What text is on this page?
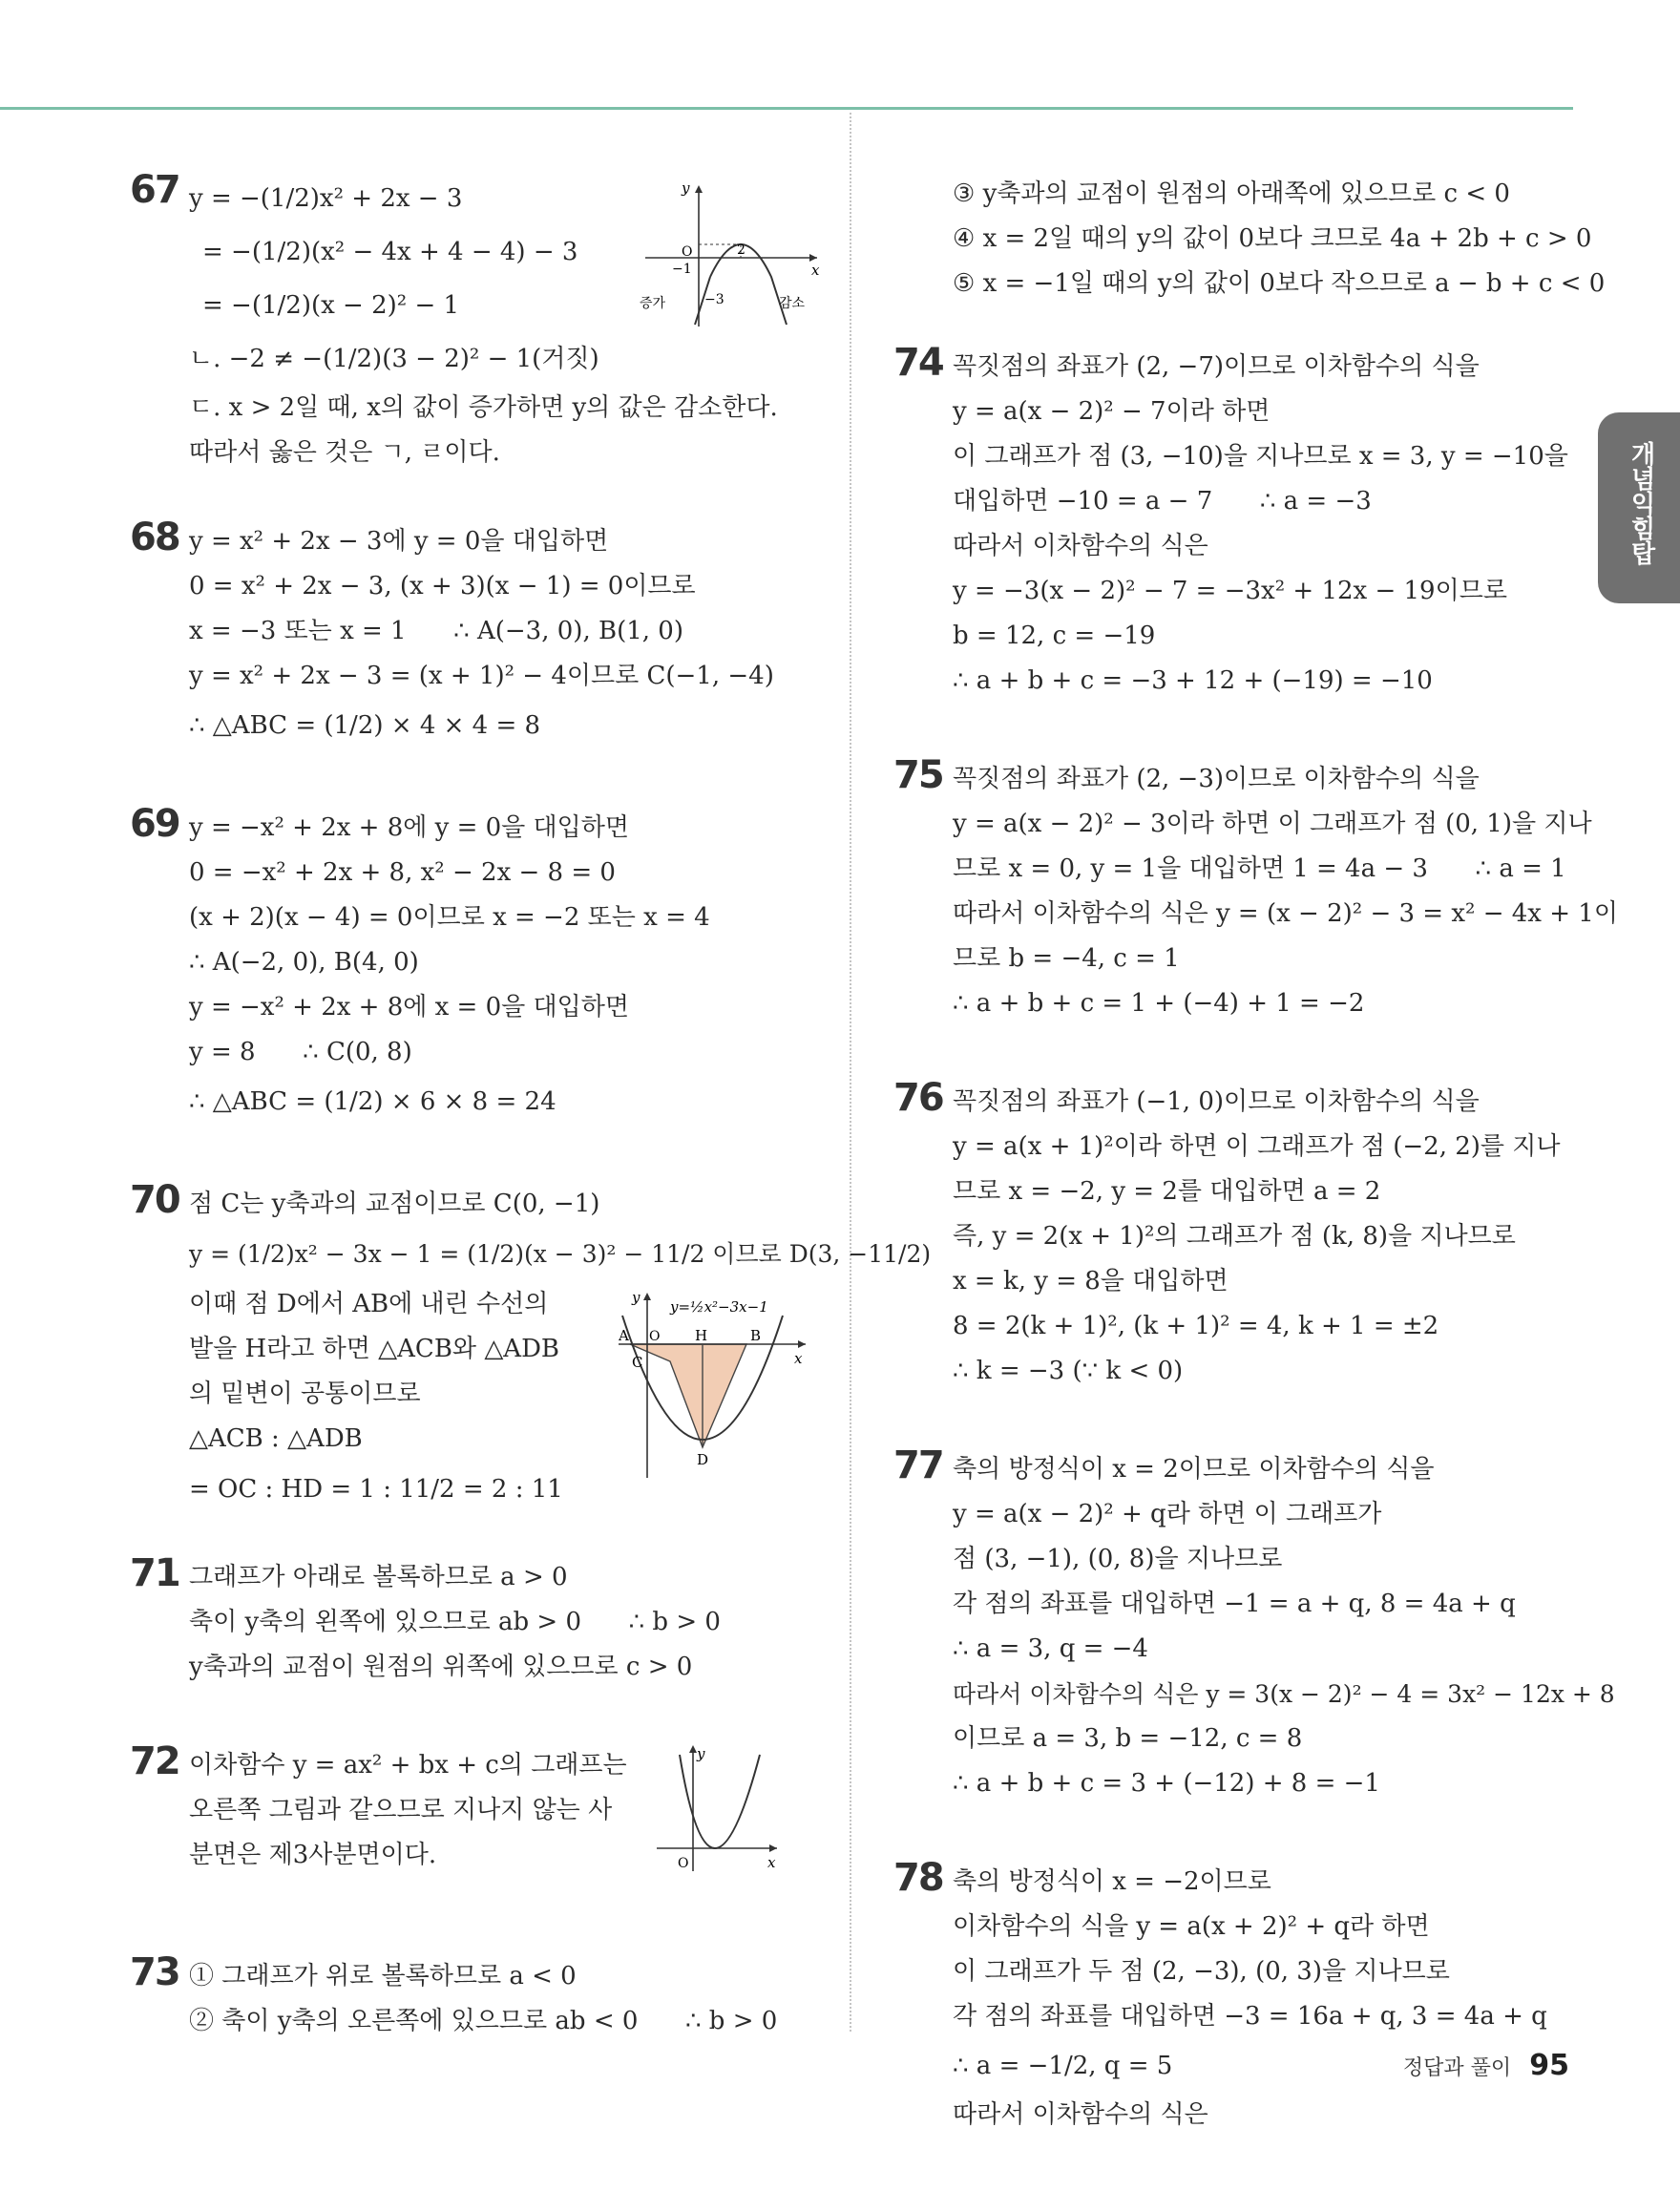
67 y = −(1/2)x² + 2x − 3
= −(1/2)(x² − 4x + 4 − 4) − 3
= −(1/2)(x − 2)² − 1
ㄴ. −2 ≠ −(1/2)(3 − 2)² − 1(거짓)
ㄷ. x > 2일 때, x의 값이 증가하면 y의 값은 감소한다.
따라서 옳은 것은 ㄱ, ㄹ이다.
y
x
O	2
−1
−3
증가	감소
68 y = x² + 2x − 3에 y = 0을 대입하면
0 = x² + 2x − 3, (x + 3)(x − 1) = 0이므로
x = −3 또는 x = 1      ∴ A(−3, 0), B(1, 0)
y = x² + 2x − 3 = (x + 1)² − 4이므로 C(−1, −4)
∴ △ABC = (1/2) × 4 × 4 = 8
69 y = −x² + 2x + 8에 y = 0을 대입하면
0 = −x² + 2x + 8, x² − 2x − 8 = 0
(x + 2)(x − 4) = 0이므로 x = −2 또는 x = 4
∴ A(−2, 0), B(4, 0)
y = −x² + 2x + 8에 x = 0을 대입하면
y = 8      ∴ C(0, 8)
∴ △ABC = (1/2) × 6 × 8 = 24
70 점 C는 y축과의 교점이므로 C(0, −1)
y = (1/2)x² − 3x − 1 = (1/2)(x − 3)² − 11/2 이므로 D(3, −11/2)
이때 점 D에서 AB에 내린 수선의
발을 H라고 하면 △ACB와 △ADB
의 밑변이 공통이므로
△ACB : △ADB
= OC : HD = 1 : 11/2 = 2 : 11
y=½x²−3x−1
y
x
A O H	B
C
D
71 그래프가 아래로 볼록하므로 a > 0
축이 y축의 왼쪽에 있으므로 ab > 0      ∴ b > 0
y축과의 교점이 원점의 위쪽에 있으므로 c > 0
72 이차함수 y = ax² + bx + c의 그래프는
오른쪽 그림과 같으므로 지나지 않는 사
분면은 제3사분면이다.
y
x
O
73 ① 그래프가 위로 볼록하므로 a < 0
② 축이 y축의 오른쪽에 있으므로 ab < 0      ∴ b > 0
③ y축과의 교점이 원점의 아래쪽에 있으므로 c < 0
④ x = 2일 때의 y의 값이 0보다 크므로 4a + 2b + c > 0
⑤ x = −1일 때의 y의 값이 0보다 작으므로 a − b + c < 0
74 꼭짓점의 좌표가 (2, −7)이므로 이차함수의 식을
y = a(x − 2)² − 7이라 하면
이 그래프가 점 (3, −10)을 지나므로 x = 3, y = −10을
대입하면 −10 = a − 7      ∴ a = −3
따라서 이차함수의 식은
y = −3(x − 2)² − 7 = −3x² + 12x − 19이므로
b = 12, c = −19
∴ a + b + c = −3 + 12 + (−19) = −10
75 꼭짓점의 좌표가 (2, −3)이므로 이차함수의 식을
y = a(x − 2)² − 3이라 하면 이 그래프가 점 (0, 1)을 지나
므로 x = 0, y = 1을 대입하면 1 = 4a − 3      ∴ a = 1
따라서 이차함수의 식은 y = (x − 2)² − 3 = x² − 4x + 1이
므로 b = −4, c = 1
∴ a + b + c = 1 + (−4) + 1 = −2
76 꼭짓점의 좌표가 (−1, 0)이므로 이차함수의 식을
y = a(x + 1)²이라 하면 이 그래프가 점 (−2, 2)를 지나
므로 x = −2, y = 2를 대입하면 a = 2
즉, y = 2(x + 1)²의 그래프가 점 (k, 8)을 지나므로
x = k, y = 8을 대입하면
8 = 2(k + 1)², (k + 1)² = 4, k + 1 = ±2
∴ k = −3 (∵ k < 0)
77 축의 방정식이 x = 2이므로 이차함수의 식을
y = a(x − 2)² + q라 하면 이 그래프가
점 (3, −1), (0, 8)을 지나므로
각 점의 좌표를 대입하면 −1 = a + q, 8 = 4a + q
∴ a = 3, q = −4
따라서 이차함수의 식은 y = 3(x − 2)² − 4 = 3x² − 12x + 8
이므로 a = 3, b = −12, c = 8
∴ a + b + c = 3 + (−12) + 8 = −1
78 축의 방정식이 x = −2이므로
이차함수의 식을 y = a(x + 2)² + q라 하면
이 그래프가 두 점 (2, −3), (0, 3)을 지나므로
각 점의 좌표를 대입하면 −3 = 16a + q, 3 = 4a + q
∴ a = −1/2, q = 5
따라서 이차함수의 식은
개념익힘탑
정답과 풀이 95
